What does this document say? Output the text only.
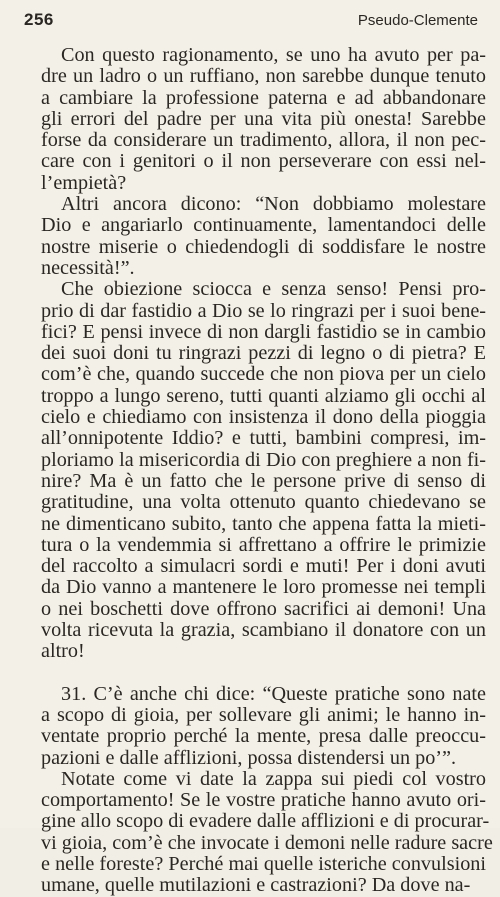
256	Pseudo-Clemente
Con questo ragionamento, se uno ha avuto per pa-
dre un ladro o un ruffiano, non sarebbe dunque tenuto
a cambiare la professione paterna e ad abbandonare
gli errori del padre per una vita più onesta! Sarebbe
forse da considerare un tradimento, allora, il non pec-
care con i genitori o il non perseverare con essi nel-
l’empietà?
Altri ancora dicono: “Non dobbiamo molestare
Dio e angariarlo continuamente, lamentandoci delle
nostre miserie o chiedendogli di soddisfare le nostre
necessità!”.
Che obiezione sciocca e senza senso! Pensi pro-
prio di dar fastidio a Dio se lo ringrazi per i suoi bene-
fici? E pensi invece di non dargli fastidio se in cambio
dei suoi doni tu ringrazi pezzi di legno o di pietra? E
com’è che, quando succede che non piova per un cielo
troppo a lungo sereno, tutti quanti alziamo gli occhi al
cielo e chiediamo con insistenza il dono della pioggia
all’onnipotente Iddio? e tutti, bambini compresi, im-
ploriamo la misericordia di Dio con preghiere a non fi-
nire? Ma è un fatto che le persone prive di senso di
gratitudine, una volta ottenuto quanto chiedevano se
ne dimenticano subito, tanto che appena fatta la mieti-
tura o la vendemmia si affrettano a offrire le primizie
del raccolto a simulacri sordi e muti! Per i doni avuti
da Dio vanno a mantenere le loro promesse nei templi
o nei boschetti dove offrono sacrifici ai demoni! Una
volta ricevuta la grazia, scambiano il donatore con un
altro!
31. C’è anche chi dice: “Queste pratiche sono nate
a scopo di gioia, per sollevare gli animi; le hanno in-
ventate proprio perché la mente, presa dalle preoccu-
pazioni e dalle afflizioni, possa distendersi un po’”.
Notate come vi date la zappa sui piedi col vostro
comportamento! Se le vostre pratiche hanno avuto ori-
gine allo scopo di evadere dalle afflizioni e di procurar-
vi gioia, com’è che invocate i demoni nelle radure sacre
e nelle foreste? Perché mai quelle isteriche convulsioni
umane, quelle mutilazioni e castrazioni? Da dove na-
